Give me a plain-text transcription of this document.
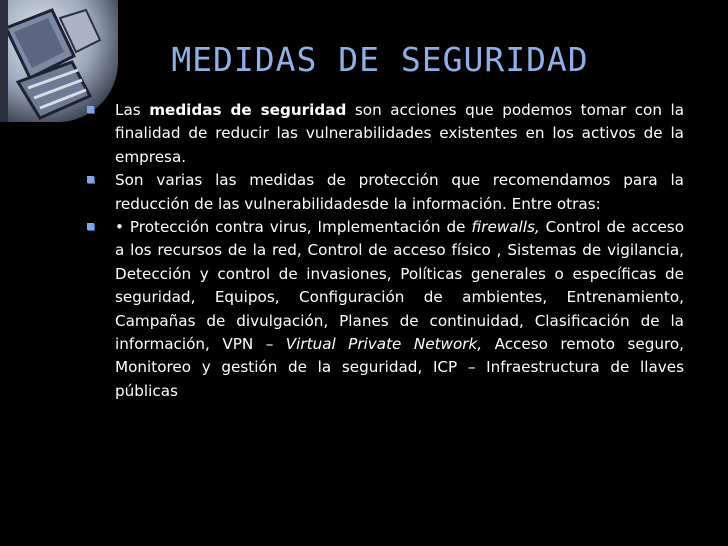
MEDIDAS DE SEGURIDAD
Las medidas de seguridad son acciones que podemos tomar con la finalidad de reducir las vulnerabilidades existentes en los activos de la empresa.
Son varias las medidas de protección que recomendamos para la reducción de las vulnerabilidadesde la información. Entre otras:
• Protección contra virus, Implementación de firewalls, Control de acceso a los recursos de la red, Control de acceso físico , Sistemas de vigilancia, Detección y control de invasiones, Políticas generales o específicas de seguridad, Equipos, Configuración de ambientes, Entrenamiento, Campañas de divulgación, Planes de continuidad, Clasificación de la información, VPN – Virtual Private Network, Acceso remoto seguro, Monitoreo y gestión de la seguridad, ICP – Infraestructura de llaves públicas
